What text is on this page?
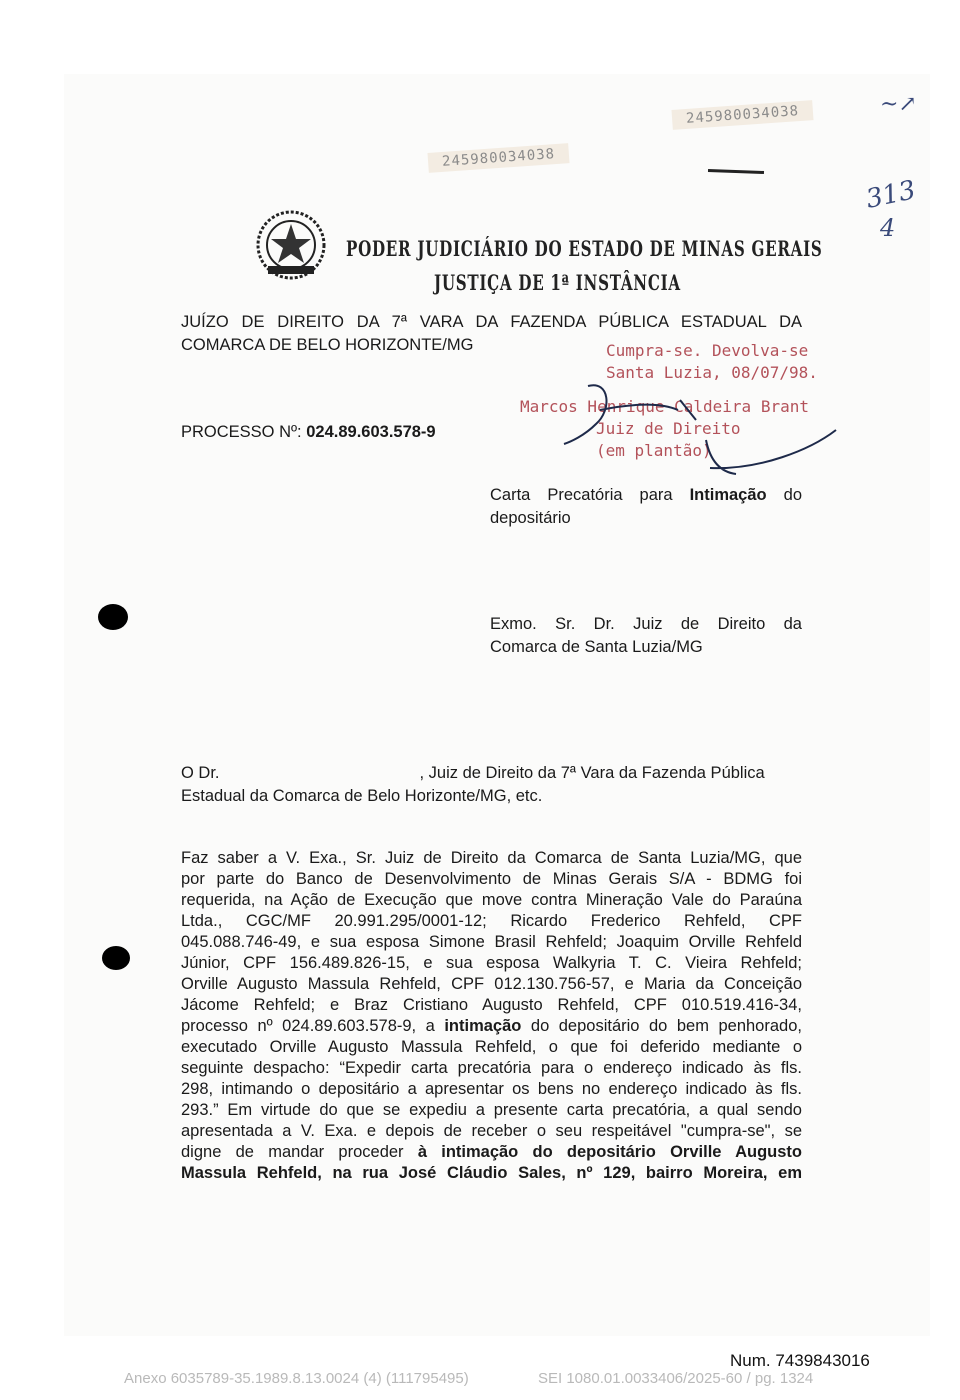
245980034038
245980034038
~↗
313
4
PODER JUDICIÁRIO DO ESTADO DE MINAS GERAIS
JUSTIÇA DE 1ª INSTÂNCIA
JUÍZO DE DIREITO DA 7ª VARA DA FAZENDA PÚBLICA ESTADUAL DA
COMARCA DE BELO HORIZONTE/MG	Cumpra-se. Devolva-se
Santa Luzia, 08/07/98.
Marcos Henrique Caldeira Brant
Juiz de Direito
(em plantão)
PROCESSO Nº: 024.89.603.578-9
Carta Precatória para Intimação do
depositário
Exmo. Sr. Dr. Juiz de Direito da
Comarca de Santa Luzia/MG
O Dr.	, Juiz de Direito da 7ª Vara da Fazenda Pública
Estadual da Comarca de Belo Horizonte/MG, etc.
Faz saber a V. Exa., Sr. Juiz de Direito da Comarca de Santa Luzia/MG, que
por parte do Banco de Desenvolvimento de Minas Gerais S/A - BDMG foi
requerida, na Ação de Execução que move contra Mineração Vale do Paraúna
Ltda., CGC/MF 20.991.295/0001-12; Ricardo Frederico Rehfeld, CPF
045.088.746-49, e sua esposa Simone Brasil Rehfeld; Joaquim Orville Rehfeld
Júnior, CPF 156.489.826-15, e sua esposa Walkyria T. C. Vieira Rehfeld;
Orville Augusto Massula Rehfeld, CPF 012.130.756-57, e Maria da Conceição
Jácome Rehfeld; e Braz Cristiano Augusto Rehfeld, CPF 010.519.416-34,
processo nº 024.89.603.578-9, a intimação do depositário do bem penhorado,
executado Orville Augusto Massula Rehfeld, o que foi deferido mediante o
seguinte despacho: “Expedir carta precatória para o endereço indicado às fls.
298, intimando o depositário a apresentar os bens no endereço indicado às fls.
293.” Em virtude do que se expediu a presente carta precatória, a qual sendo
apresentada a V. Exa. e depois de receber o seu respeitável "cumpra-se", se
digne de mandar proceder à intimação do depositário Orville Augusto
Massula Rehfeld, na rua José Cláudio Sales, nº 129, bairro Moreira, em
Num. 7439843016
Anexo 6035789-35.1989.8.13.0024 (4) (111795495)	SEI 1080.01.0033406/2025-60 / pg. 1324
